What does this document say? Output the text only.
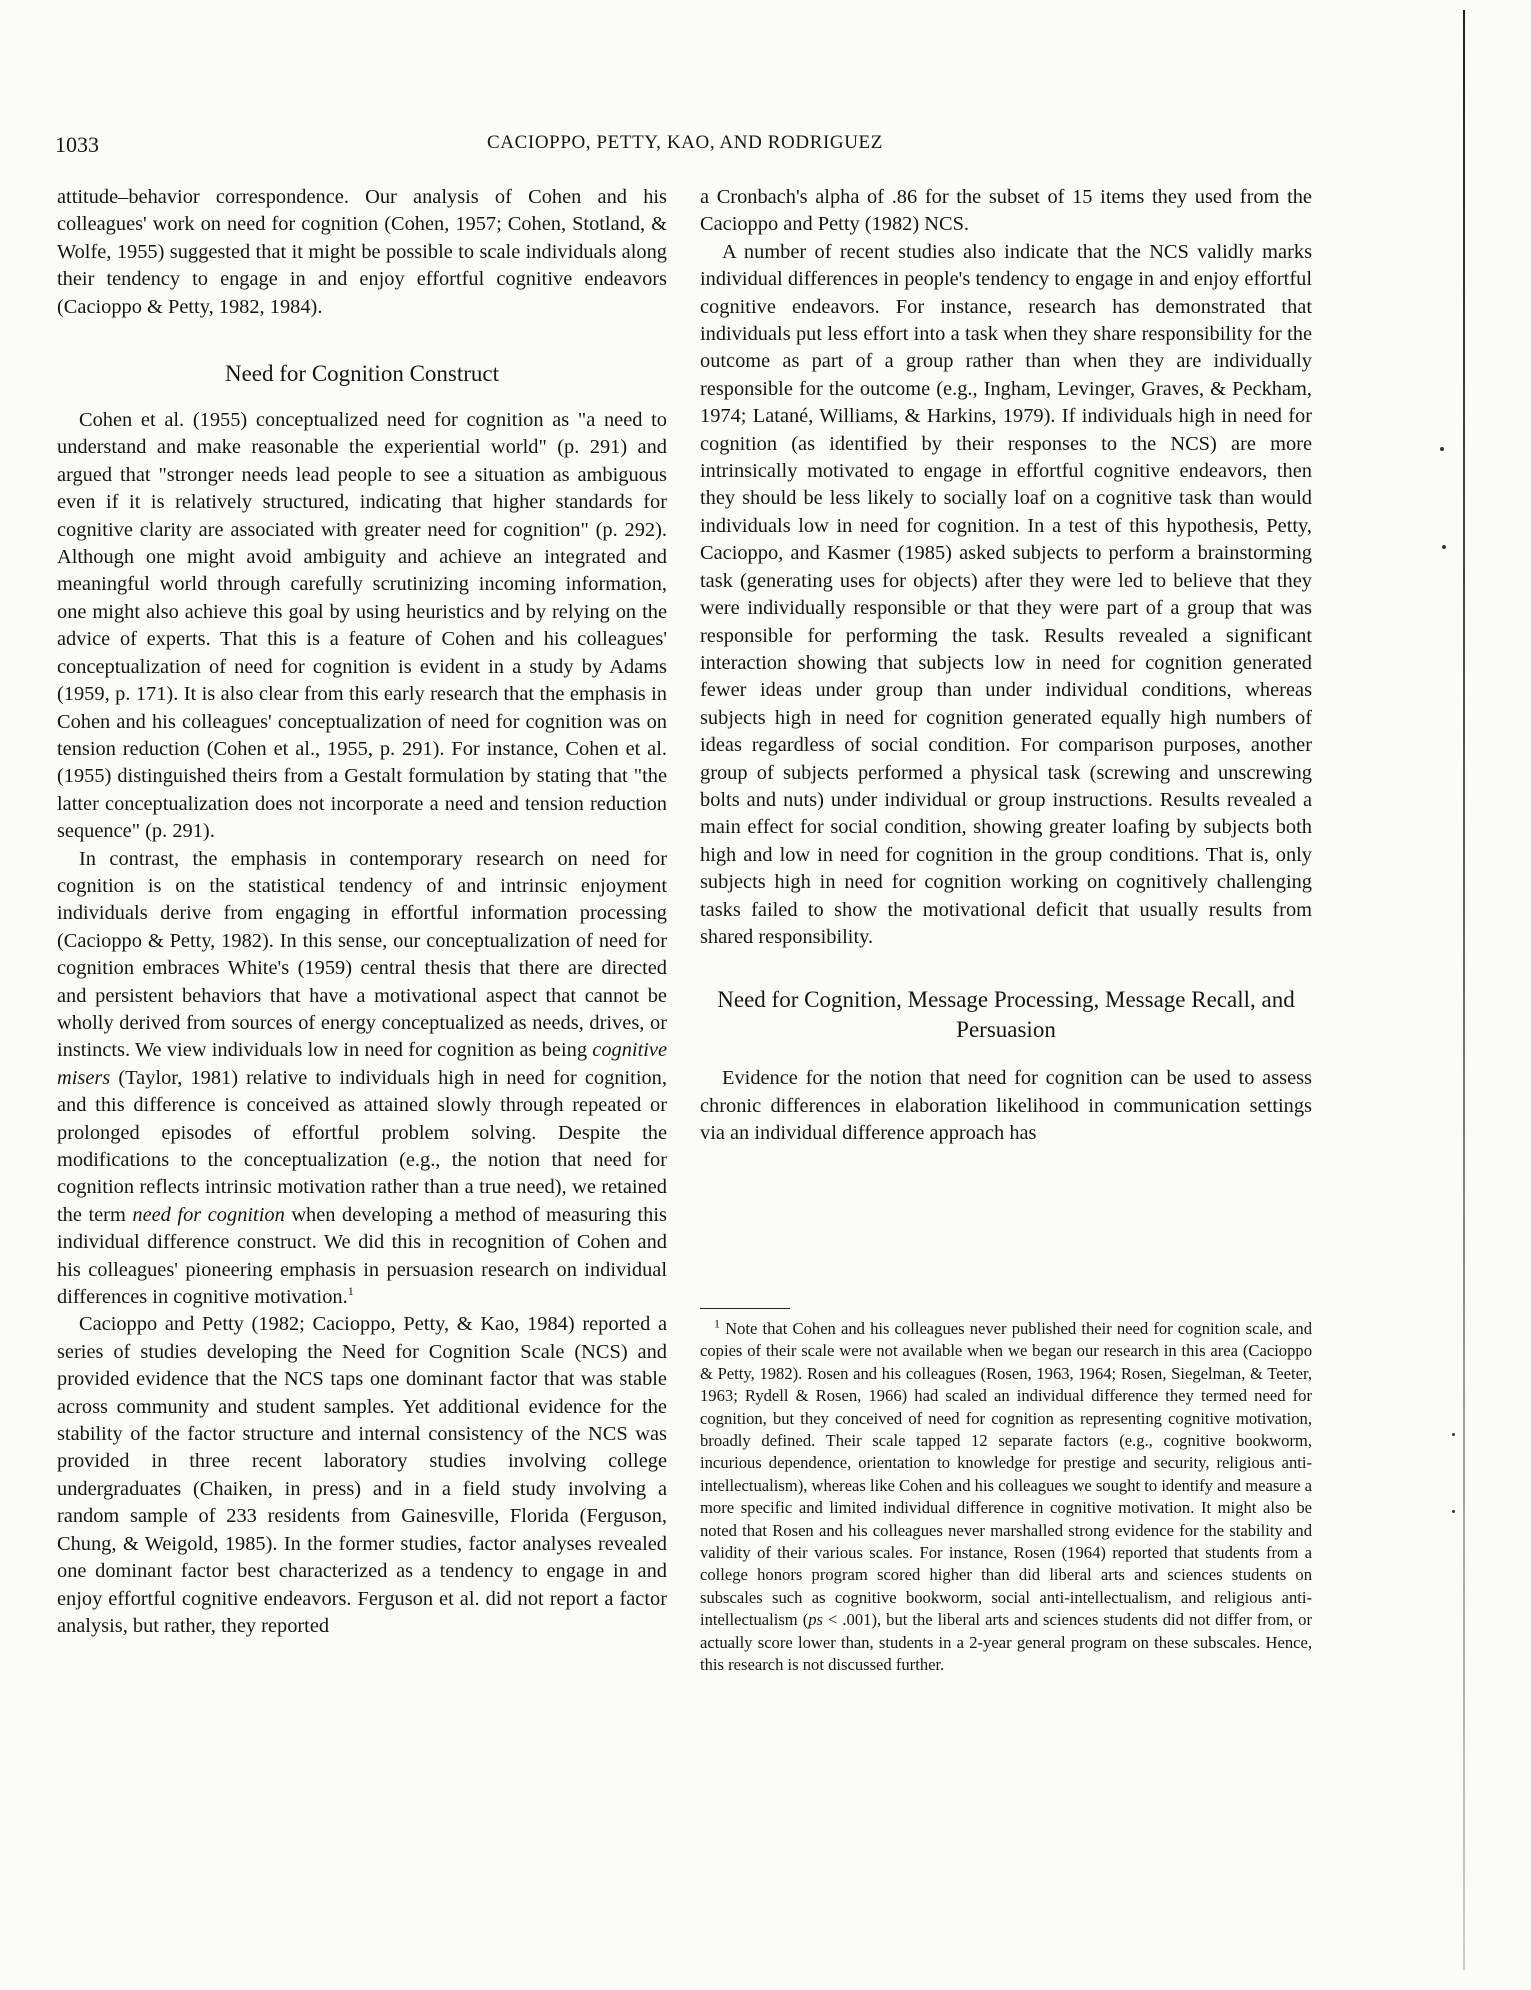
1033	CACIOPPO, PETTY, KAO, AND RODRIGUEZ

attitude–behavior correspondence. Our analysis of Cohen and his colleagues' work on need for cognition (Cohen, 1957; Cohen, Stotland, & Wolfe, 1955) suggested that it might be possible to scale individuals along their tendency to engage in and enjoy effortful cognitive endeavors (Cacioppo & Petty, 1982, 1984).

Need for Cognition Construct

Cohen et al. (1955) conceptualized need for cognition as "a need to understand and make reasonable the experiential world" (p. 291) and argued that "stronger needs lead people to see a situation as ambiguous even if it is relatively structured, indicating that higher standards for cognitive clarity are associated with greater need for cognition" (p. 292). Although one might avoid ambiguity and achieve an integrated and meaningful world through carefully scrutinizing incoming information, one might also achieve this goal by using heuristics and by relying on the advice of experts. That this is a feature of Cohen and his colleagues' conceptualization of need for cognition is evident in a study by Adams (1959, p. 171). It is also clear from this early research that the emphasis in Cohen and his colleagues' conceptualization of need for cognition was on tension reduction (Cohen et al., 1955, p. 291). For instance, Cohen et al. (1955) distinguished theirs from a Gestalt formulation by stating that "the latter conceptualization does not incorporate a need and tension reduction sequence" (p. 291).

In contrast, the emphasis in contemporary research on need for cognition is on the statistical tendency of and intrinsic enjoyment individuals derive from engaging in effortful information processing (Cacioppo & Petty, 1982). In this sense, our conceptualization of need for cognition embraces White's (1959) central thesis that there are directed and persistent behaviors that have a motivational aspect that cannot be wholly derived from sources of energy conceptualized as needs, drives, or instincts. We view individuals low in need for cognition as being cognitive misers (Taylor, 1981) relative to individuals high in need for cognition, and this difference is conceived as attained slowly through repeated or prolonged episodes of effortful problem solving. Despite the modifications to the conceptualization (e.g., the notion that need for cognition reflects intrinsic motivation rather than a true need), we retained the term need for cognition when developing a method of measuring this individual difference construct. We did this in recognition of Cohen and his colleagues' pioneering emphasis in persuasion research on individual differences in cognitive motivation.$^1$

Cacioppo and Petty (1982; Cacioppo, Petty, & Kao, 1984) reported a series of studies developing the Need for Cognition Scale (NCS) and provided evidence that the NCS taps one dominant factor that was stable across community and student samples. Yet additional evidence for the stability of the factor structure and internal consistency of the NCS was provided in three recent laboratory studies involving college undergraduates (Chaiken, in press) and in a field study involving a random sample of 233 residents from Gainesville, Florida (Ferguson, Chung, & Weigold, 1985). In the former studies, factor analyses revealed one dominant factor best characterized as a tendency to engage in and enjoy effortful cognitive endeavors. Ferguson et al. did not report a factor analysis, but rather, they reported

a Cronbach's alpha of .86 for the subset of 15 items they used from the Cacioppo and Petty (1982) NCS.

A number of recent studies also indicate that the NCS validly marks individual differences in people's tendency to engage in and enjoy effortful cognitive endeavors. For instance, research has demonstrated that individuals put less effort into a task when they share responsibility for the outcome as part of a group rather than when they are individually responsible for the outcome (e.g., Ingham, Levinger, Graves, & Peckham, 1974; Latané, Williams, & Harkins, 1979). If individuals high in need for cognition (as identified by their responses to the NCS) are more intrinsically motivated to engage in effortful cognitive endeavors, then they should be less likely to socially loaf on a cognitive task than would individuals low in need for cognition. In a test of this hypothesis, Petty, Cacioppo, and Kasmer (1985) asked subjects to perform a brainstorming task (generating uses for objects) after they were led to believe that they were individually responsible or that they were part of a group that was responsible for performing the task. Results revealed a significant interaction showing that subjects low in need for cognition generated fewer ideas under group than under individual conditions, whereas subjects high in need for cognition generated equally high numbers of ideas regardless of social condition. For comparison purposes, another group of subjects performed a physical task (screwing and unscrewing bolts and nuts) under individual or group instructions. Results revealed a main effect for social condition, showing greater loafing by subjects both high and low in need for cognition in the group conditions. That is, only subjects high in need for cognition working on cognitively challenging tasks failed to show the motivational deficit that usually results from shared responsibility.

Need for Cognition, Message Processing, Message Recall, and Persuasion

Evidence for the notion that need for cognition can be used to assess chronic differences in elaboration likelihood in communication settings via an individual difference approach has

$^1$ Note that Cohen and his colleagues never published their need for cognition scale, and copies of their scale were not available when we began our research in this area (Cacioppo & Petty, 1982). Rosen and his colleagues (Rosen, 1963, 1964; Rosen, Siegelman, & Teeter, 1963; Rydell & Rosen, 1966) had scaled an individual difference they termed need for cognition, but they conceived of need for cognition as representing cognitive motivation, broadly defined. Their scale tapped 12 separate factors (e.g., cognitive bookworm, incurious dependence, orientation to knowledge for prestige and security, religious anti-intellectualism), whereas like Cohen and his colleagues we sought to identify and measure a more specific and limited individual difference in cognitive motivation. It might also be noted that Rosen and his colleagues never marshalled strong evidence for the stability and validity of their various scales. For instance, Rosen (1964) reported that students from a college honors program scored higher than did liberal arts and sciences students on subscales such as cognitive bookworm, social anti-intellectualism, and religious anti-intellectualism (ps < .001), but the liberal arts and sciences students did not differ from, or actually score lower than, students in a 2-year general program on these subscales. Hence, this research is not discussed further.
